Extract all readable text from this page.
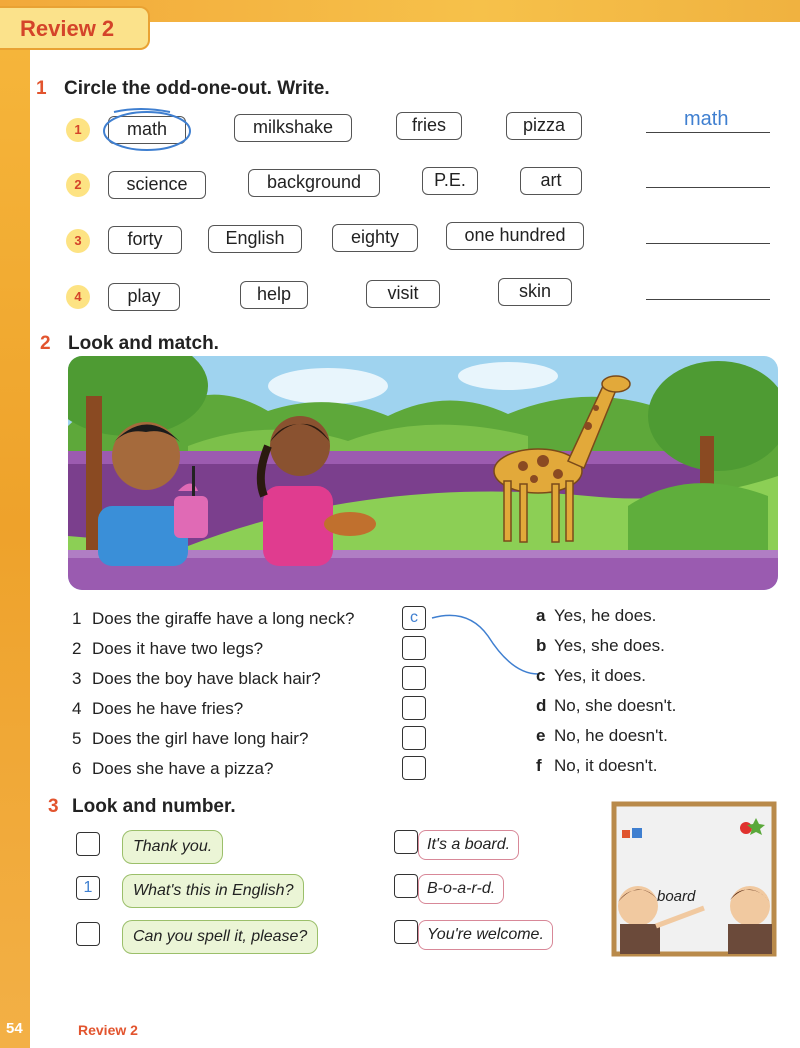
Review 2
1 Circle the odd-one-out. Write.
1	math	milkshake	fries	pizza	math
2	science	background	P.E.	art
3	forty	English	eighty	one hundred
4	play	help	visit	skin
2 Look and match.
1 Does the giraffe have a long neck?	c
2 Does it have two legs?
3 Does the boy have black hair?
4 Does he have fries?
5 Does the girl have long hair?
6 Does she have a pizza?
a Yes, he does.
b Yes, she does.
c Yes, it does.
d No, she doesn't.
e No, he doesn't.
f No, it doesn't.
3 Look and number.
Thank you.
1	What's this in English?
Can you spell it, please?
It's a board.
B-o-a-r-d.
You're welcome.
board
54	Review 2
